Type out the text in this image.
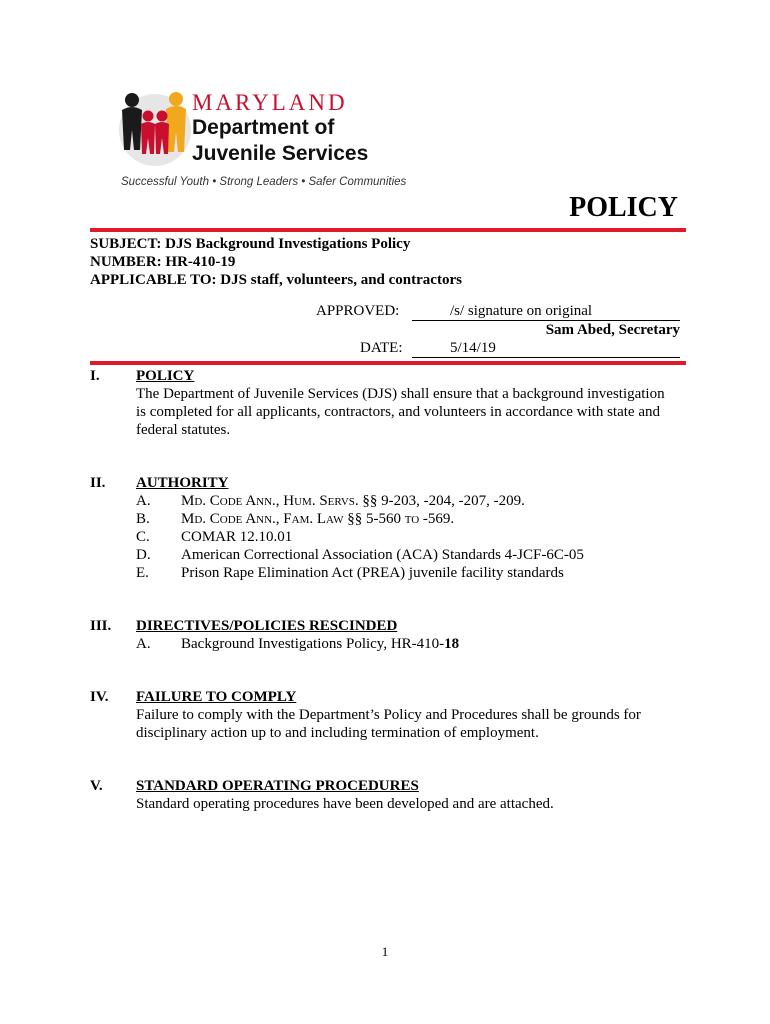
MARYLAND
Department of
Juvenile Services
Successful Youth • Strong Leaders • Safer Communities
POLICY
SUBJECT: DJS Background Investigations Policy
NUMBER: HR-410-19
APPLICABLE TO: DJS staff, volunteers, and contractors
APPROVED:	/s/ signature on original
Sam Abed, Secretary
DATE:	5/14/19
I. POLICY
The Department of Juvenile Services (DJS) shall ensure that a background investigation is completed for all applicants, contractors, and volunteers in accordance with state and federal statutes.
II. AUTHORITY
A. Md. Code Ann., Hum. Servs. §§ 9-203, -204, -207, -209.
B. Md. Code Ann., Fam. Law §§ 5-560 to -569.
C. COMAR 12.10.01
D. American Correctional Association (ACA) Standards 4-JCF-6C-05
E. Prison Rape Elimination Act (PREA) juvenile facility standards
III. DIRECTIVES/POLICIES RESCINDED
A. Background Investigations Policy, HR-410-18
IV. FAILURE TO COMPLY
Failure to comply with the Department’s Policy and Procedures shall be grounds for disciplinary action up to and including termination of employment.
V. STANDARD OPERATING PROCEDURES
Standard operating procedures have been developed and are attached.
1
